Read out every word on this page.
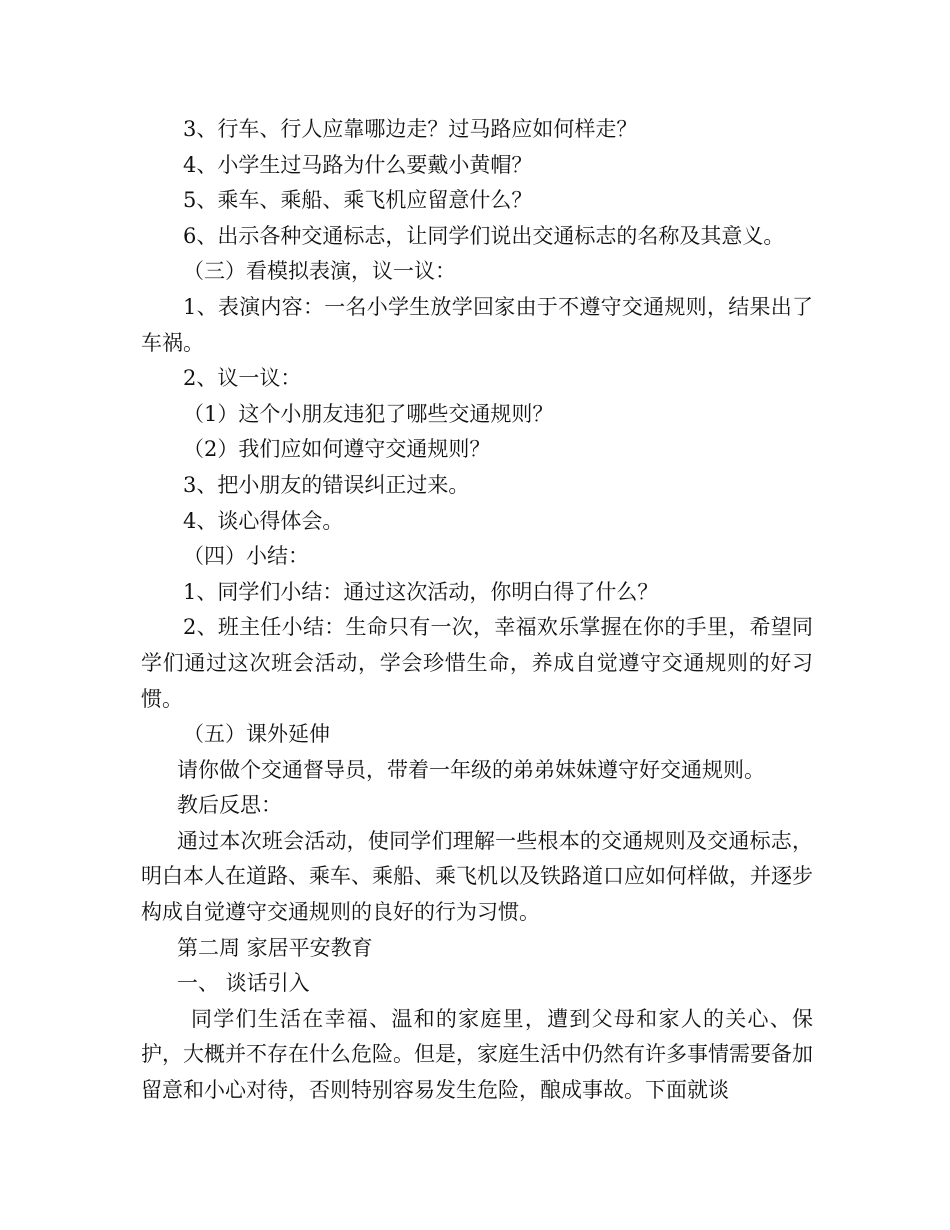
3、行车、行人应靠哪边走？过马路应如何样走？

4、小学生过马路为什么要戴小黄帽？

5、乘车、乘船、乘飞机应留意什么？

6、出示各种交通标志，让同学们说出交通标志的名称及其意义。

（三）看模拟表演，议一议：

1、表演内容：一名小学生放学回家由于不遵守交通规则，结果出了车祸。

2、议一议：

（1）这个小朋友违犯了哪些交通规则？

（2）我们应如何遵守交通规则？

3、把小朋友的错误纠正过来。

4、谈心得体会。

（四）小结：

1、同学们小结：通过这次活动，你明白得了什么？

2、班主任小结：生命只有一次，幸福欢乐掌握在你的手里，希望同学们通过这次班会活动，学会珍惜生命，养成自觉遵守交通规则的好习惯。

（五）课外延伸

请你做个交通督导员，带着一年级的弟弟妹妹遵守好交通规则。

教后反思：

通过本次班会活动，使同学们理解一些根本的交通规则及交通标志，明白本人在道路、乘车、乘船、乘飞机以及铁路道口应如何样做，并逐步构成自觉遵守交通规则的良好的行为习惯。

第二周 家居平安教育

一、 谈话引入

同学们生活在幸福、温和的家庭里，遭到父母和家人的关心、保护，大概并不存在什么危险。但是，家庭生活中仍然有许多事情需要备加留意和小心对待，否则特别容易发生危险，酿成事故。下面就谈
